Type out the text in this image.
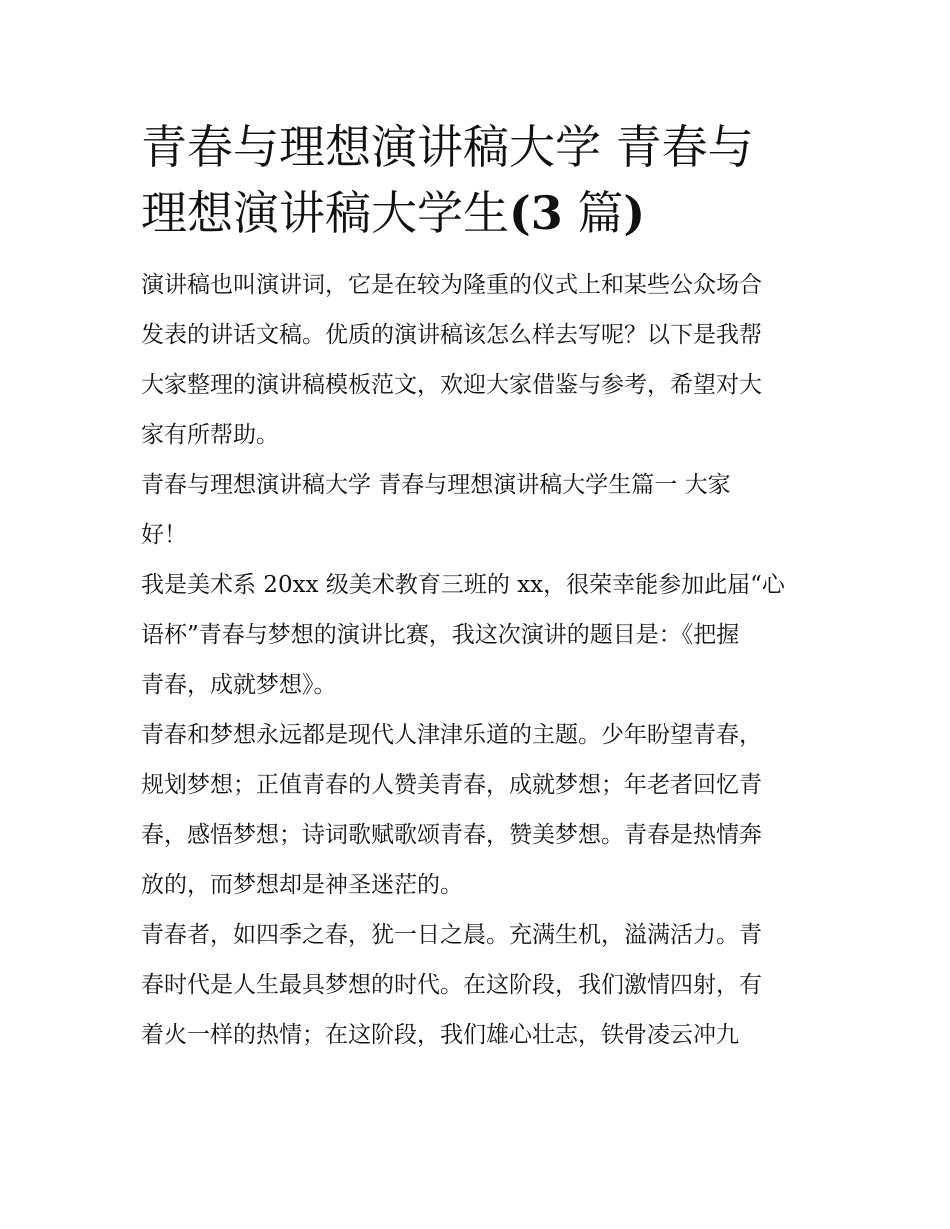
青春与理想演讲稿大学 青春与
理想演讲稿大学生(3 篇)

演讲稿也叫演讲词，它是在较为隆重的仪式上和某些公众场合
发表的讲话文稿。优质的演讲稿该怎么样去写呢？以下是我帮
大家整理的演讲稿模板范文，欢迎大家借鉴与参考，希望对大
家有所帮助。

青春与理想演讲稿大学 青春与理想演讲稿大学生篇一 大家
好！

我是美术系 20xx 级美术教育三班的 xx，很荣幸能参加此届“心
语杯”青春与梦想的演讲比赛，我这次演讲的题目是：《把握
青春，成就梦想》。

青春和梦想永远都是现代人津津乐道的主题。少年盼望青春，
规划梦想；正值青春的人赞美青春，成就梦想；年老者回忆青
春，感悟梦想；诗词歌赋歌颂青春，赞美梦想。青春是热情奔
放的，而梦想却是神圣迷茫的。

青春者，如四季之春，犹一日之晨。充满生机，溢满活力。青
春时代是人生最具梦想的时代。在这阶段，我们激情四射，有
着火一样的热情；在这阶段，我们雄心壮志，铁骨凌云冲九
